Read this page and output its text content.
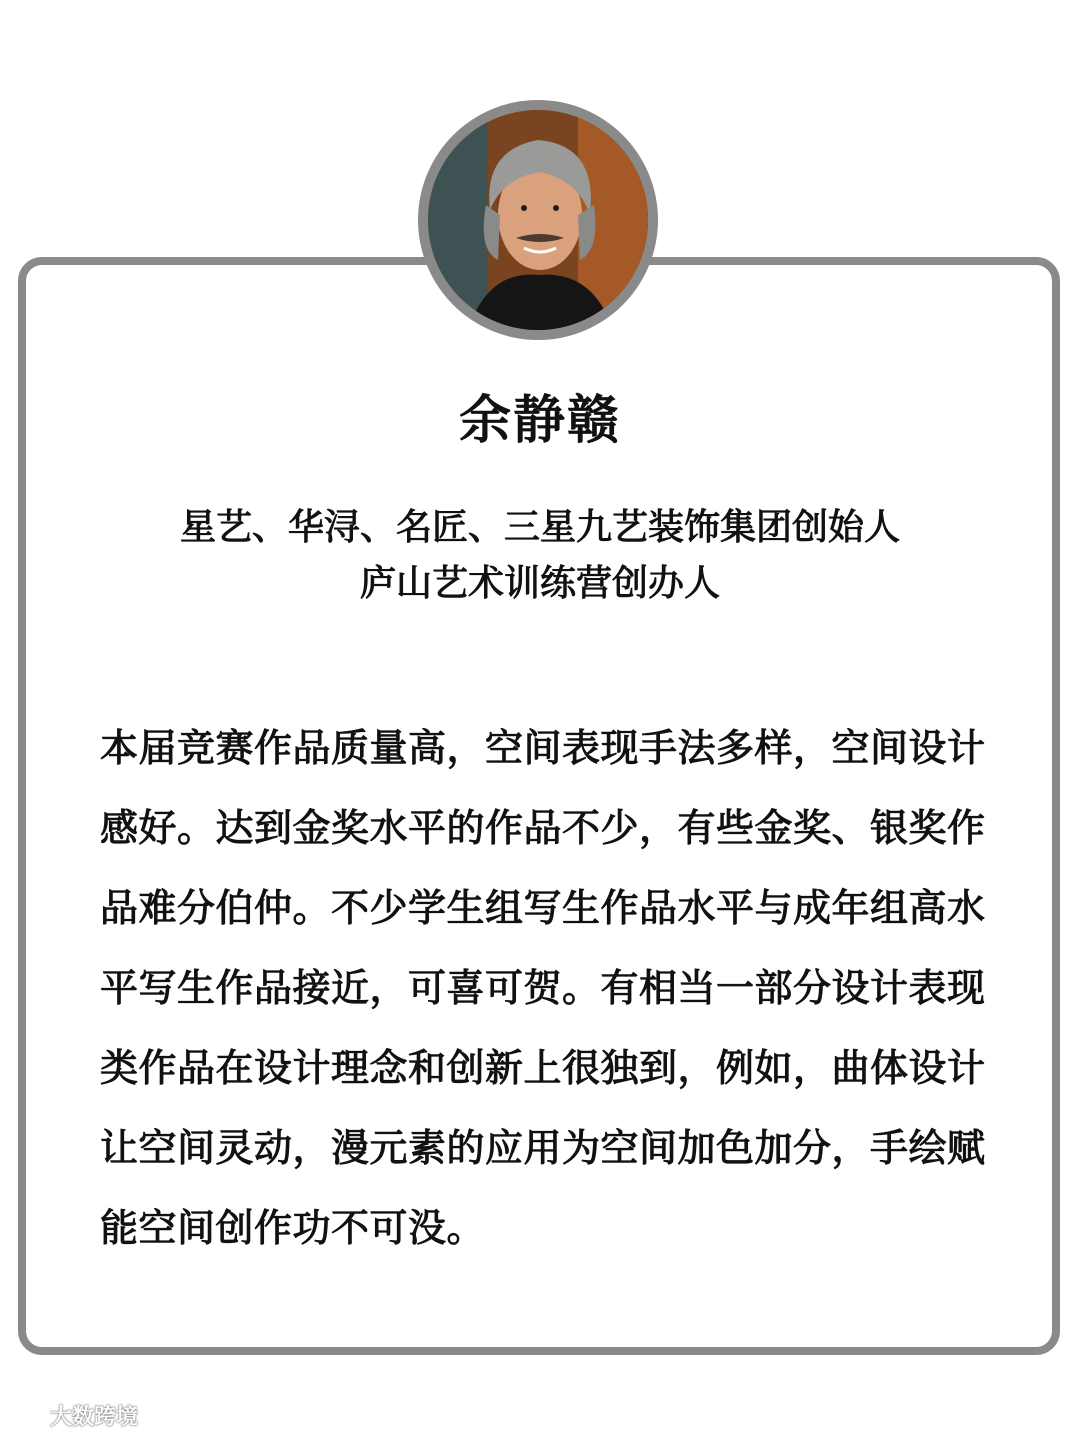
余静赣
星艺、华浔、名匠、三星九艺装饰集团创始人
庐山艺术训练营创办人

本届竞赛作品质量高，空间表现手法多样，空间设计感好。达到金奖水平的作品不少，有些金奖、银奖作品难分伯仲。不少学生组写生作品水平与成年组高水平写生作品接近，可喜可贺。有相当一部分设计表现类作品在设计理念和创新上很独到，例如，曲体设计让空间灵动，漫元素的应用为空间加色加分，手绘赋能空间创作功不可没。

大数跨境
